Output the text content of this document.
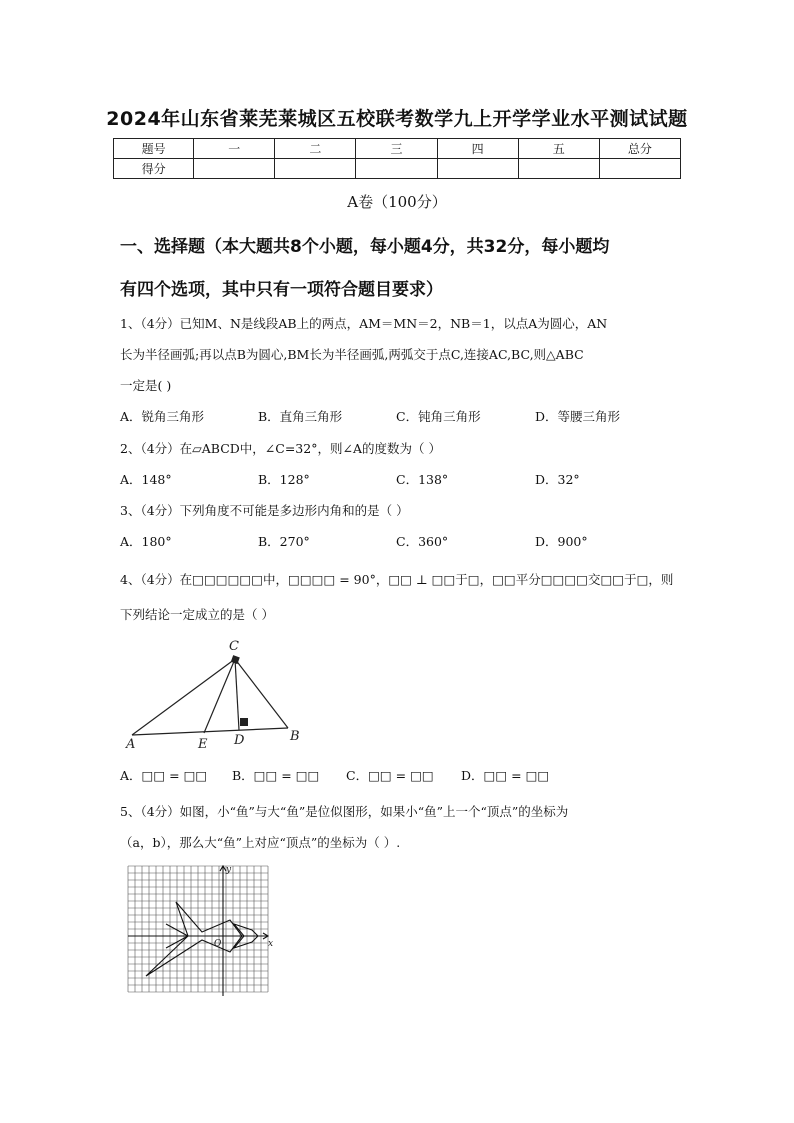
2024年山东省莱芜莱城区五校联考数学九上开学学业水平测试试题
题号	一	二	三	四	五	总分
得分						
A卷（100分）
一、选择题（本大题共8个小题，每小题4分，共32分，每小题均
有四个选项，其中只有一项符合题目要求）
1、（4分）已知M、N是线段AB上的两点，AM＝MN＝2，NB＝1，以点A为圆心，AN
长为半径画弧;再以点B为圆心,BM长为半径画弧,两弧交于点C,连接AC,BC,则△ABC
一定是( )
A．锐角三角形	B．直角三角形	C．钝角三角形	D．等腰三角形
2、（4分）在▱ABCD中，∠C=32°，则∠A的度数为（ ）
A．148°	B．128°	C．138°	D．32°
3、（4分）下列角度不可能是多边形内角和的是（ ）
A．180°	B．270°	C．360°	D．900°
4、（4分）在□□□□□□中，□□□□ = 90°，□□ ⊥ □□于□，□□平分□□□□交□□于□，则
下列结论一定成立的是（ ）
C
A	E D	B
A．□□ = □□ B．□□ = □□ C．□□ = □□ D．□□ = □□
5、（4分）如图，小“鱼”与大“鱼”是位似图形，如果小“鱼”上一个“顶点”的坐标为
（a，b），那么大“鱼”上对应“顶点”的坐标为（ ）.
y
x
O
